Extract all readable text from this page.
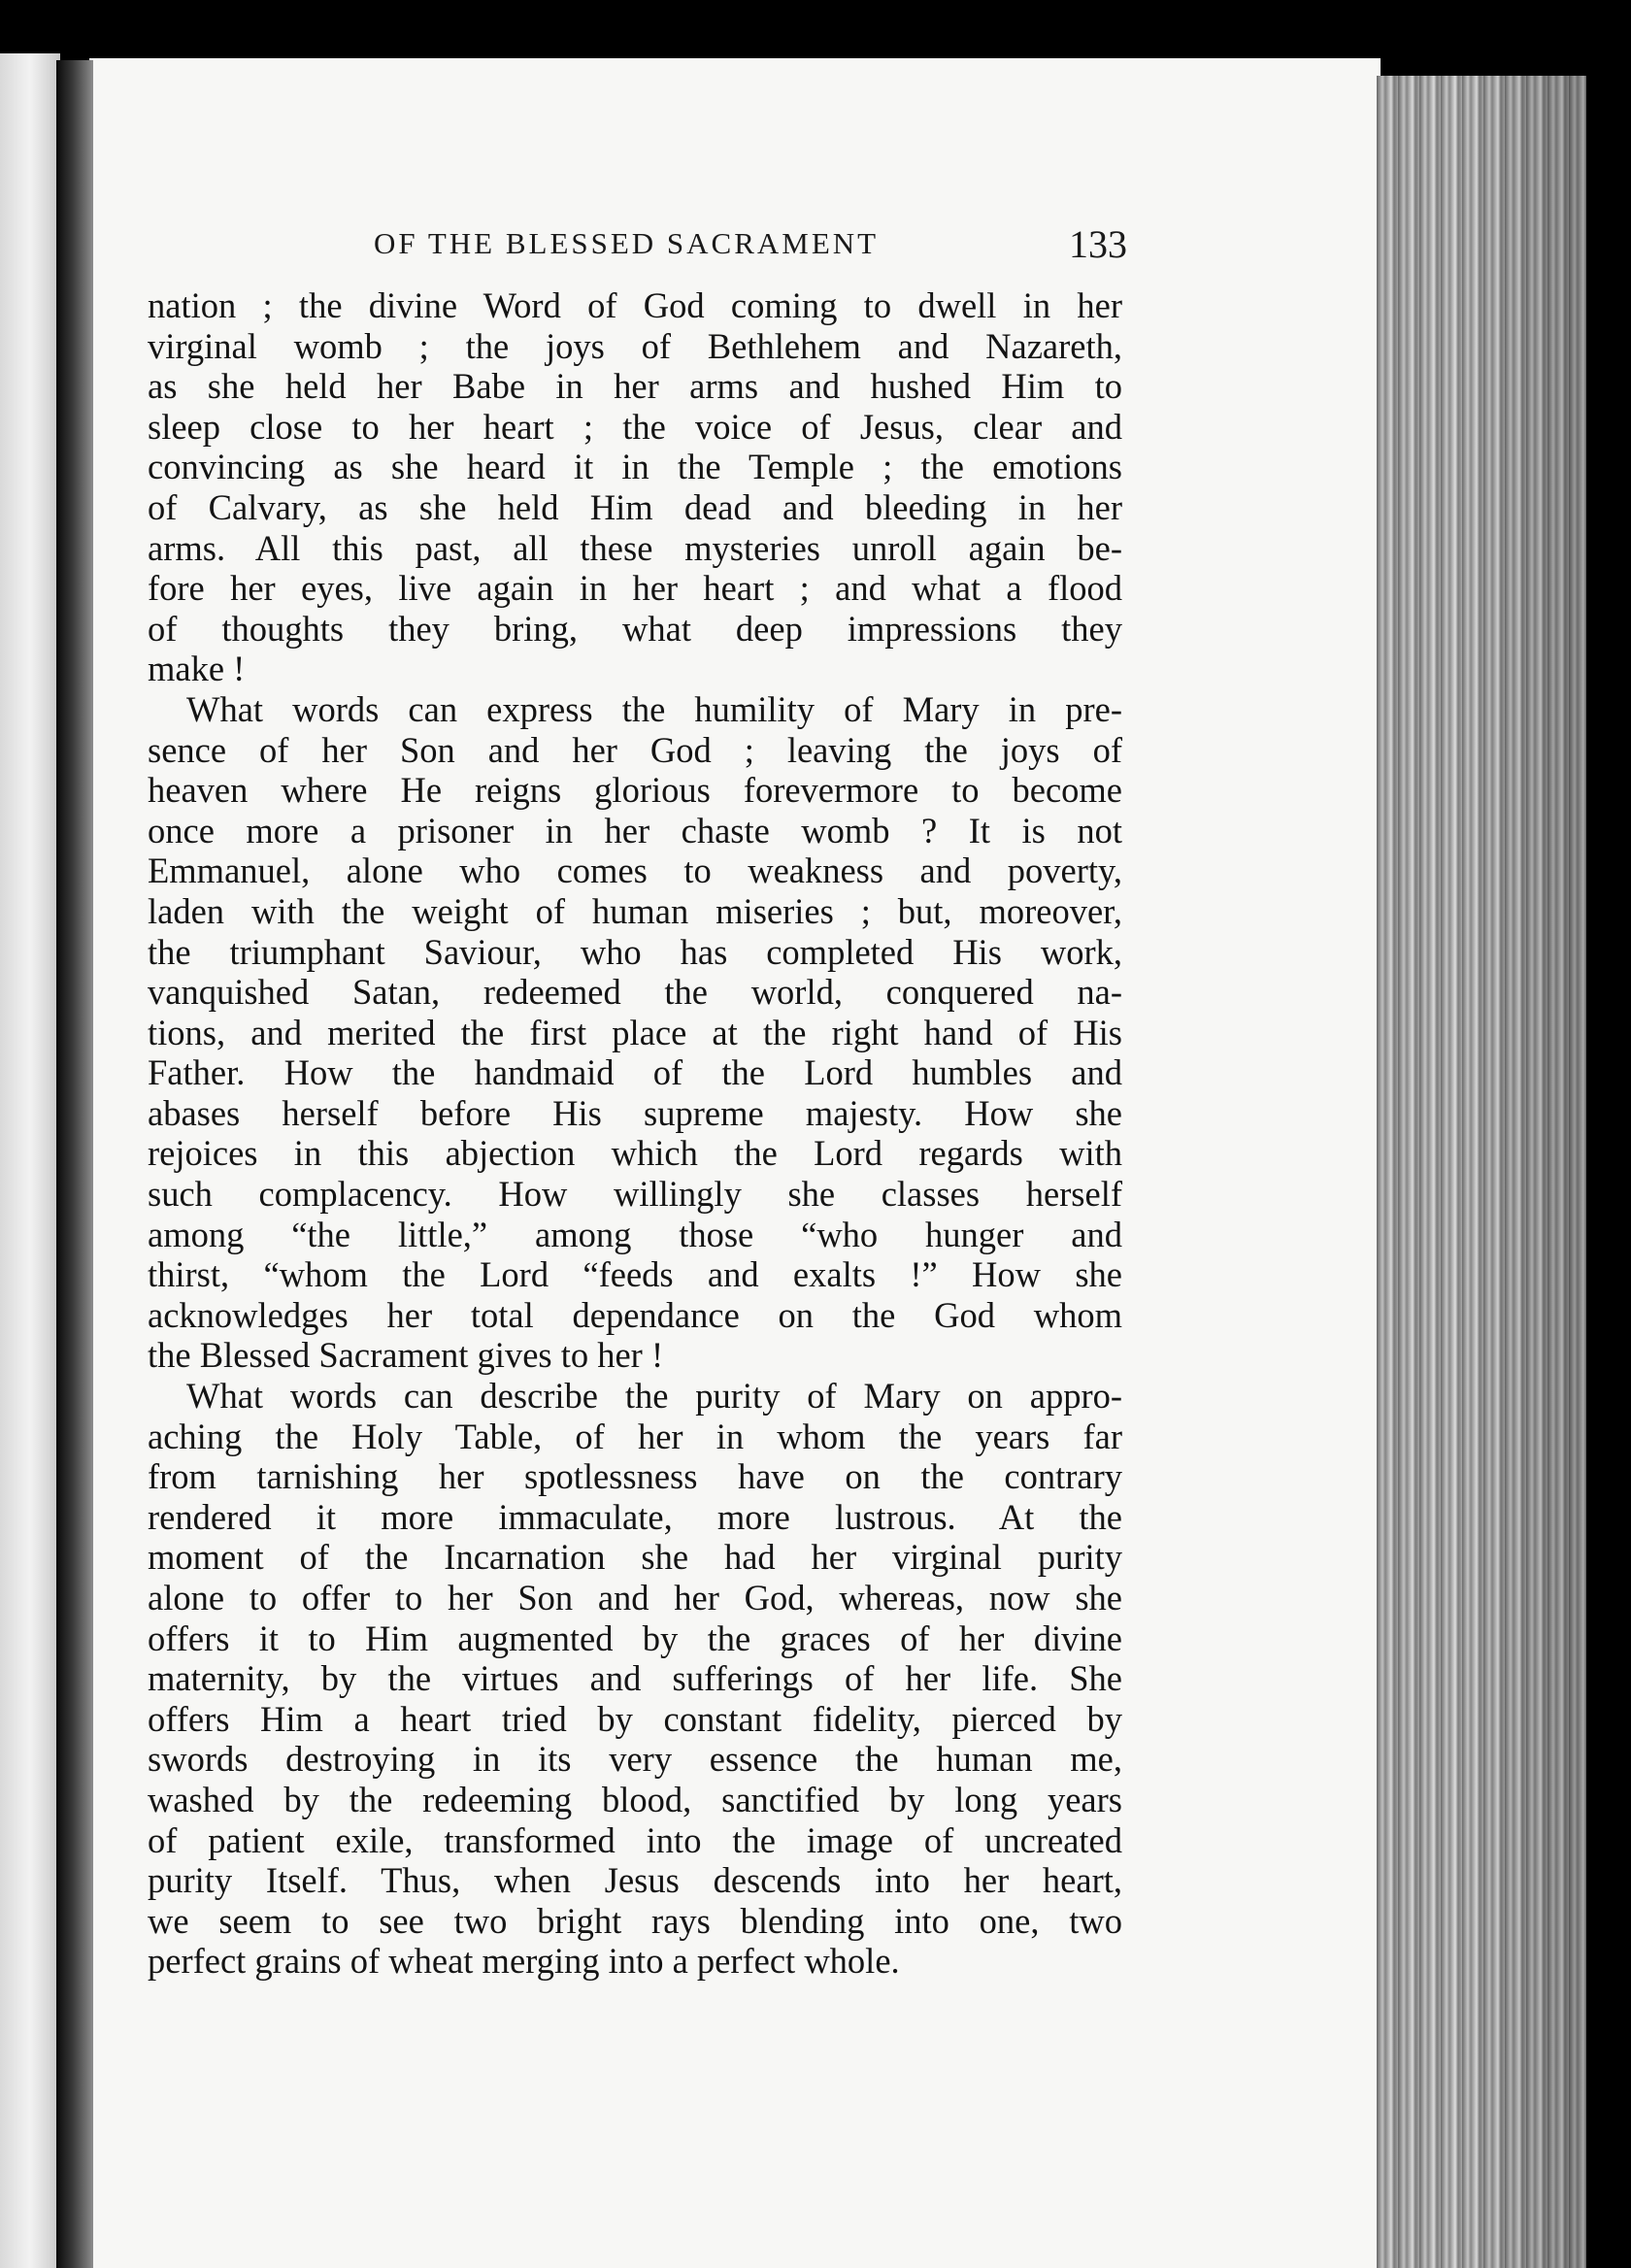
OF THE BLESSED SACRAMENT	133
nation ; the divine Word of God coming to dwell in her
virginal womb ; the joys of Bethlehem and Nazareth,
as she held her Babe in her arms and hushed Him to
sleep close to her heart ; the voice of Jesus, clear and
convincing as she heard it in the Temple ; the emotions
of Calvary, as she held Him dead and bleeding in her
arms. All this past, all these mysteries unroll again be-
fore her eyes, live again in her heart ; and what a flood
of thoughts they bring, what deep impressions they
make !
What words can express the humility of Mary in pre-
sence of her Son and her God ; leaving the joys of
heaven where He reigns glorious forevermore to become
once more a prisoner in her chaste womb ? It is not
Emmanuel, alone who comes to weakness and poverty,
laden with the weight of human miseries ; but, moreover,
the triumphant Saviour, who has completed His work,
vanquished Satan, redeemed the world, conquered na-
tions, and merited the first place at the right hand of His
Father. How the handmaid of the Lord humbles and
abases herself before His supreme majesty. How she
rejoices in this abjection which the Lord regards with
such complacency. How willingly she classes herself
among “the little,” among those “who hunger and
thirst, “whom the Lord “feeds and exalts !” How she
acknowledges her total dependance on the God whom
the Blessed Sacrament gives to her !
What words can describe the purity of Mary on appro-
aching the Holy Table, of her in whom the years far
from tarnishing her spotlessness have on the contrary
rendered it more immaculate, more lustrous. At the
moment of the Incarnation she had her virginal purity
alone to offer to her Son and her God, whereas, now she
offers it to Him augmented by the graces of her divine
maternity, by the virtues and sufferings of her life. She
offers Him a heart tried by constant fidelity, pierced by
swords destroying in its very essence the human me,
washed by the redeeming blood, sanctified by long years
of patient exile, transformed into the image of uncreated
purity Itself. Thus, when Jesus descends into her heart,
we seem to see two bright rays blending into one, two
perfect grains of wheat merging into a perfect whole.
